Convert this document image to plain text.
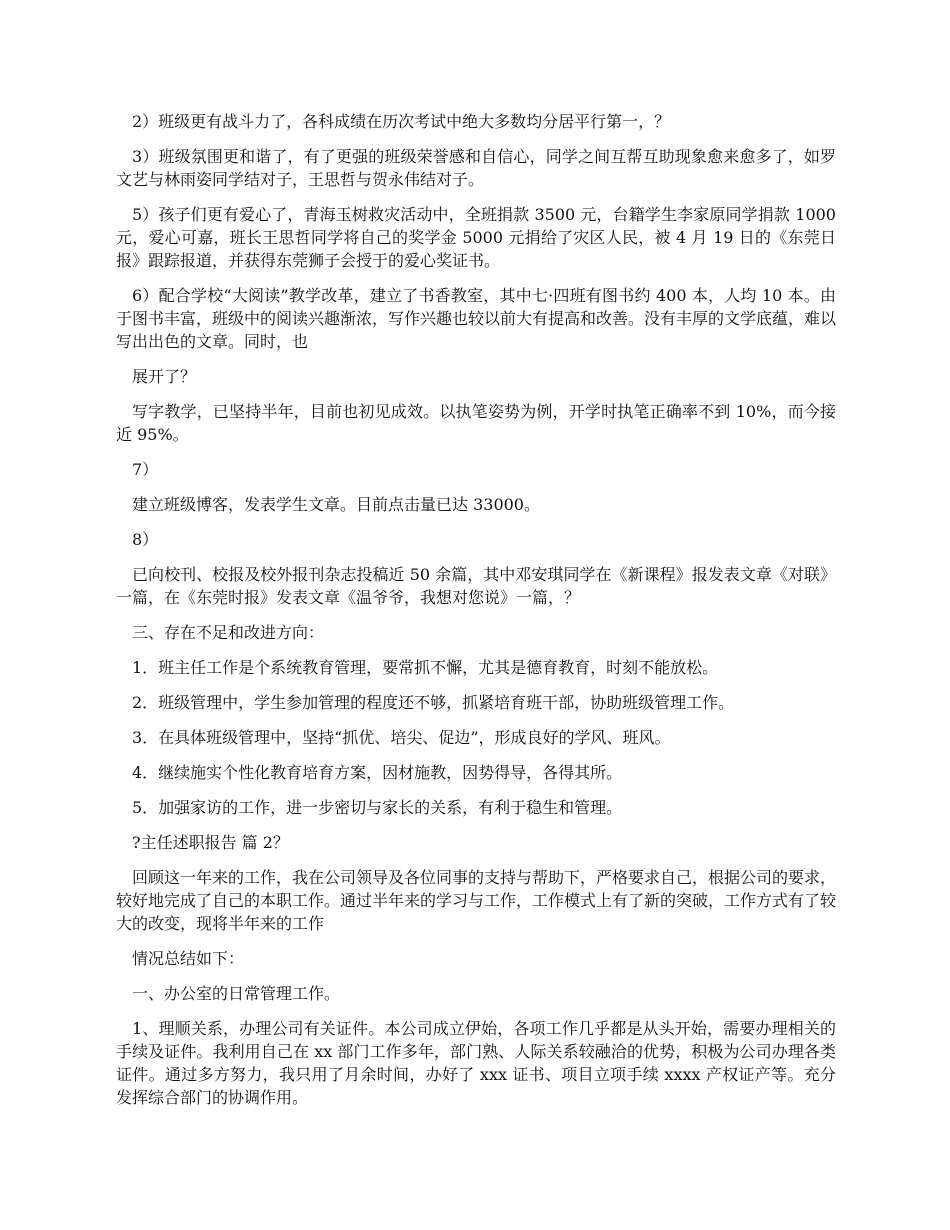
2）班级更有战斗力了，各科成绩在历次考试中绝大多数均分居平行第一，？

3）班级氛围更和谐了，有了更强的班级荣誉感和自信心，同学之间互帮互助现象愈来愈多了，如罗文艺与林雨姿同学结对子，王思哲与贺永伟结对子。

5）孩子们更有爱心了，青海玉树救灾活动中，全班捐款 3500 元，台籍学生李家原同学捐款 1000 元，爱心可嘉，班长王思哲同学将自己的奖学金 5000 元捐给了灾区人民，被 4 月 19 日的《东莞日报》跟踪报道，并获得东莞狮子会授于的爱心奖证书。

6）配合学校“大阅读”教学改革，建立了书香教室，其中七·四班有图书约 400 本，人均 10 本。由于图书丰富，班级中的阅读兴趣渐浓，写作兴趣也较以前大有提高和改善。没有丰厚的文学底蕴，难以写出出色的文章。同时，也

展开了？

写字教学，已坚持半年，目前也初见成效。以执笔姿势为例，开学时执笔正确率不到 10%，而今接近 95%。

7）

建立班级博客，发表学生文章。目前点击量已达 33000。

8）

已向校刊、校报及校外报刊杂志投稿近 50 余篇，其中邓安琪同学在《新课程》报发表文章《对联》一篇，在《东莞时报》发表文章《温爷爷，我想对您说》一篇，？

三、存在不足和改进方向：

1．班主任工作是个系统教育管理，要常抓不懈，尤其是德育教育，时刻不能放松。

2．班级管理中，学生参加管理的程度还不够，抓紧培育班干部，协助班级管理工作。

3．在具体班级管理中，坚持“抓优、培尖、促边”，形成良好的学风、班风。

4．继续施实个性化教育培育方案，因材施教，因势得导，各得其所。

5．加强家访的工作，进一步密切与家长的关系，有利于稳生和管理。

?主任述职报告 篇 2？

回顾这一年来的工作，我在公司领导及各位同事的支持与帮助下，严格要求自己，根据公司的要求，较好地完成了自己的本职工作。通过半年来的学习与工作，工作模式上有了新的突破，工作方式有了较大的改变，现将半年来的工作

情况总结如下：

一、办公室的日常管理工作。

1、理顺关系，办理公司有关证件。本公司成立伊始，各项工作几乎都是从头开始，需要办理相关的手续及证件。我利用自己在 xx 部门工作多年，部门熟、人际关系较融洽的优势，积极为公司办理各类证件。通过多方努力，我只用了月余时间，办好了 xxx 证书、项目立项手续 xxxx 产权证产等。充分发挥综合部门的协调作用。
